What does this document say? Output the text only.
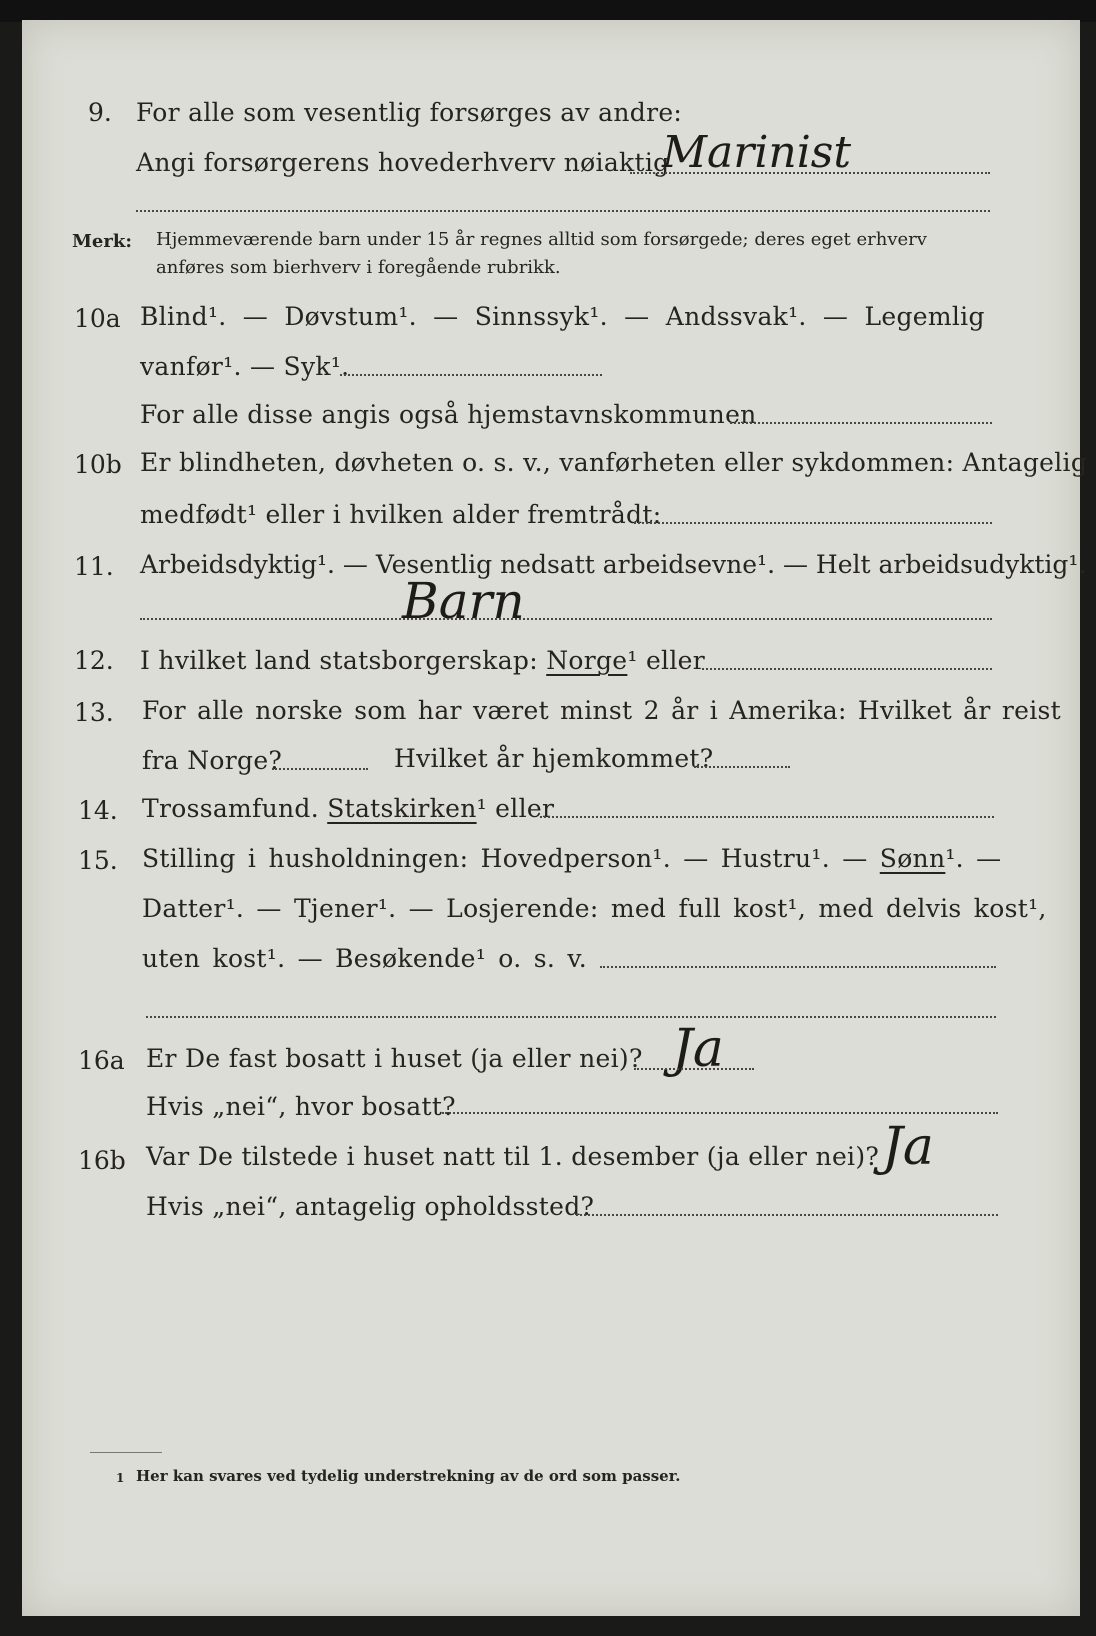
9. For alle som vesentlig forsørges av andre:
Angi forsørgerens hovederhverv nøiaktig
Marinist
Merk: Hjemmeværende barn under 15 år regnes alltid som forsørgede; deres eget erhverv
anføres som bierhverv i foregående rubrikk.
10a Blind¹. — Døvstum¹. — Sinnssyk¹. — Andssvak¹. — Legemlig
vanfør¹. — Syk¹.
For alle disse angis også hjemstavnskommunen
10b Er blindheten, døvheten o. s. v., vanførheten eller sykdommen: Antagelig
medfødt¹ eller i hvilken alder fremtrådt:
11. Arbeidsdyktig¹. — Vesentlig nedsatt arbeidsevne¹. — Helt arbeidsudyktig¹.
Barn
12. I hvilket land statsborgerskap: Norge¹ eller
13. For alle norske som har været minst 2 år i Amerika: Hvilket år reist
fra Norge?	Hvilket år hjemkommet?
14. Trossamfund. Statskirken¹ eller
15. Stilling i husholdningen: Hovedperson¹. — Hustru¹. — Sønn¹. —
Datter¹. — Tjener¹. — Losjerende: med full kost¹, med delvis kost¹,
uten kost¹. — Besøkende¹ o. s. v.
16a Er De fast bosatt i huset (ja eller nei)? Ja
Hvis „nei“, hvor bosatt?
16b Var De tilstede i huset natt til 1. desember (ja eller nei)? Ja
Hvis „nei“, antagelig opholdssted?
1 Her kan svares ved tydelig understrekning av de ord som passer.
